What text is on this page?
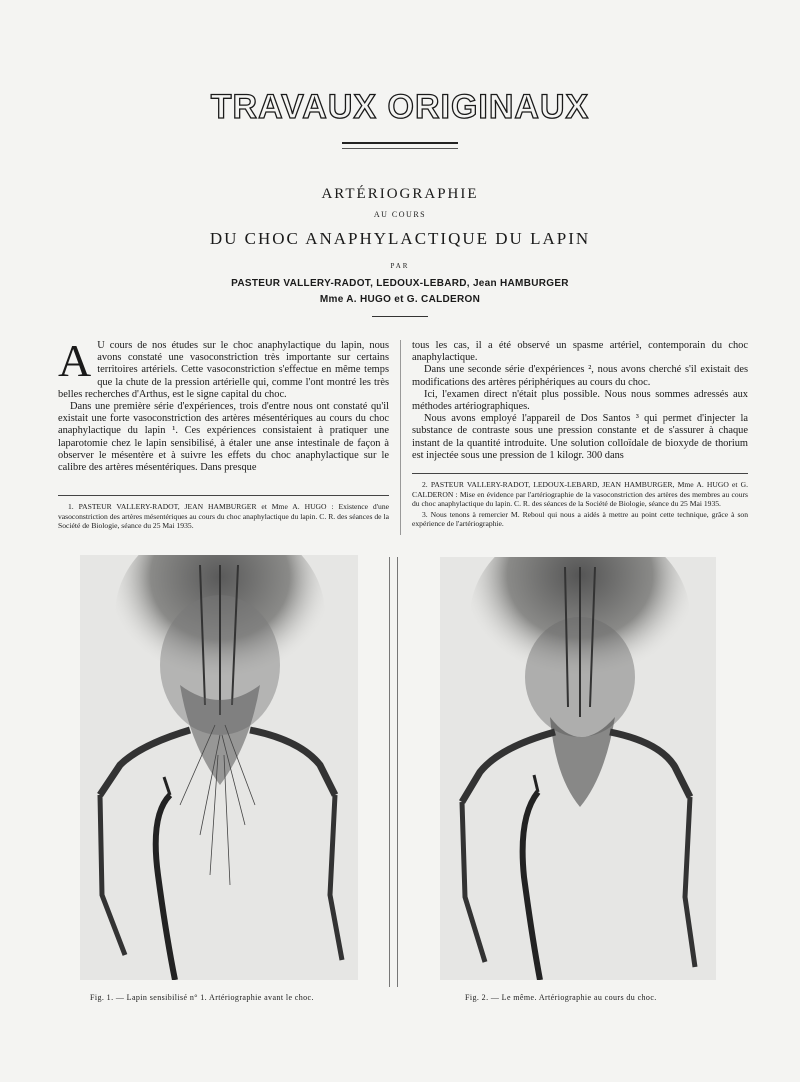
TRAVAUX ORIGINAUX
ARTÉRIOGRAPHIE
AU COURS
DU CHOC ANAPHYLACTIQUE DU LAPIN
PAR
PASTEUR VALLERY-RADOT, LEDOUX-LEBARD, Jean HAMBURGER
Mme A. HUGO et G. CALDERON
A U cours de nos études sur le choc anaphylactique du lapin, nous avons constaté une vasoconstriction très importante sur certains territoires artériels. Cette vasoconstriction s'effectue en même temps que la chute de la pression artérielle qui, comme l'ont montré les très belles recherches d'Arthus, est le signe capital du choc.

Dans une première série d'expériences, trois d'entre nous ont constaté qu'il existait une forte vasoconstriction des artères mésentériques au cours du choc anaphylactique du lapin ¹. Ces expériences consistaient à pratiquer une laparotomie chez le lapin sensibilisé, à étaler une anse intestinale de façon à observer le mésentère et à suivre les effets du choc anaphylactique sur le calibre des artères mésentériques. Dans presque

tous les cas, il a été observé un spasme artériel, contemporain du choc anaphylactique.

Dans une seconde série d'expériences ², nous avons cherché s'il existait des modifications des artères périphériques au cours du choc.

Ici, l'examen direct n'était plus possible. Nous nous sommes adressés aux méthodes artériographiques.

Nous avons employé l'appareil de Dos Santos ³ qui permet d'injecter la substance de contraste sous une pression constante et de s'assurer à chaque instant de la quantité introduite. Une solution colloïdale de bioxyde de thorium est injectée sous une pression de 1 kilogr. 300 dans

1. PASTEUR VALLERY-RADOT, JEAN HAMBURGER et Mme A. HUGO : Existence d'une vasoconstriction des artères mésentériques au cours du choc anaphylactique du lapin. C. R. des séances de la Société de Biologie, séance du 25 Mai 1935.

2. PASTEUR VALLERY-RADOT, LEDOUX-LEBARD, JEAN HAMBURGER, Mme A. HUGO et G. CALDERON : Mise en évidence par l'artériographie de la vasoconstriction des artères des membres au cours du choc anaphylactique du lapin. C. R. des séances de la Société de Biologie, séance du 25 Mai 1935.

3. Nous tenons à remercier M. Reboul qui nous a aidés à mettre au point cette technique, grâce à son expérience de l'artériographie.

Fig. 1. — Lapin sensibilisé n° 1. Artériographie avant le choc.	Fig. 2. — Le même. Artériographie au cours du choc.
